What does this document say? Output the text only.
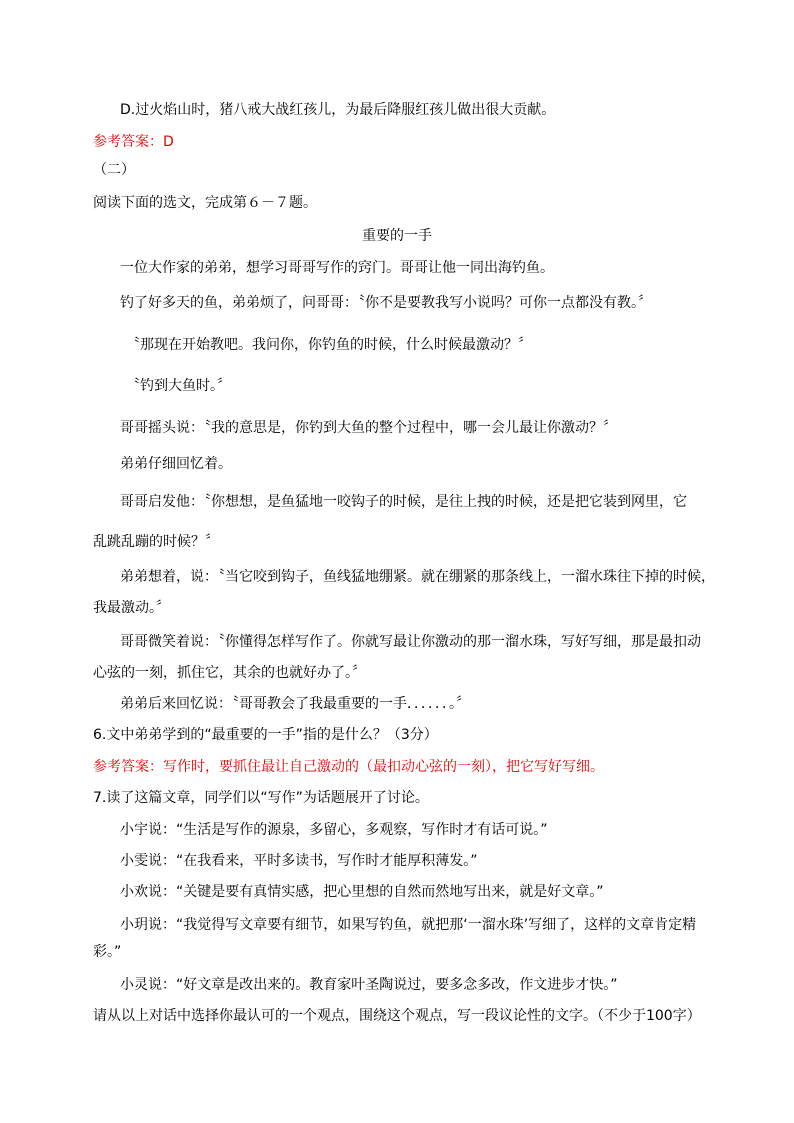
D.过火焰山时，猪八戒大战红孩儿，为最后降服红孩儿做出很大贡献。
参考答案：D
（二）
阅读下面的选文，完成第６－７题。
重要的一手
一位大作家的弟弟，想学习哥哥写作的窍门。哥哥让他一同出海钓鱼。
钓了好多天的鱼，弟弟烦了，问哥哥：〝你不是要教我写小说吗？可你一点都没有教。〞
〝那现在开始教吧。我问你，你钓鱼的时候，什么时候最激动？〞
〝钓到大鱼时。〞
哥哥摇头说：〝我的意思是，你钓到大鱼的整个过程中，哪一会儿最让你激动？〞
弟弟仔细回忆着。
哥哥启发他：〝你想想，是鱼猛地一咬钩子的时候，是往上拽的时候，还是把它装到网里，它
乱跳乱蹦的时候？〞
弟弟想着，说：〝当它咬到钩子，鱼线猛地绷紧。就在绷紧的那条线上，一溜水珠往下掉的时候，
我最激动。〞
哥哥微笑着说：〝你懂得怎样写作了。你就写最让你激动的那一溜水珠，写好写细，那是最扣动
心弦的一刻，抓住它，其余的也就好办了。〞
弟弟后来回忆说：〝哥哥教会了我最重要的一手．．．．．．。〞
6.文中弟弟学到的“最重要的一手”指的是什么？（3分）
参考答案：写作时，要抓住最让自己激动的（最扣动心弦的一刻），把它写好写细。
7.读了这篇文章，同学们以“写作”为话题展开了讨论。
小宇说：“生活是写作的源泉，多留心，多观察，写作时才有话可说。”
小雯说：“在我看来，平时多读书，写作时才能厚积薄发。”
小欢说：“关键是要有真情实感，把心里想的自然而然地写出来，就是好文章。”
小玥说：“我觉得写文章要有细节，如果写钓鱼，就把那‘一溜水珠’写细了，这样的文章肯定精
彩。”
小灵说：“好文章是改出来的。教育家叶圣陶说过，要多念多改，作文进步才快。”
请从以上对话中选择你最认可的一个观点，围绕这个观点，写一段议论性的文字。（不少于100字）
